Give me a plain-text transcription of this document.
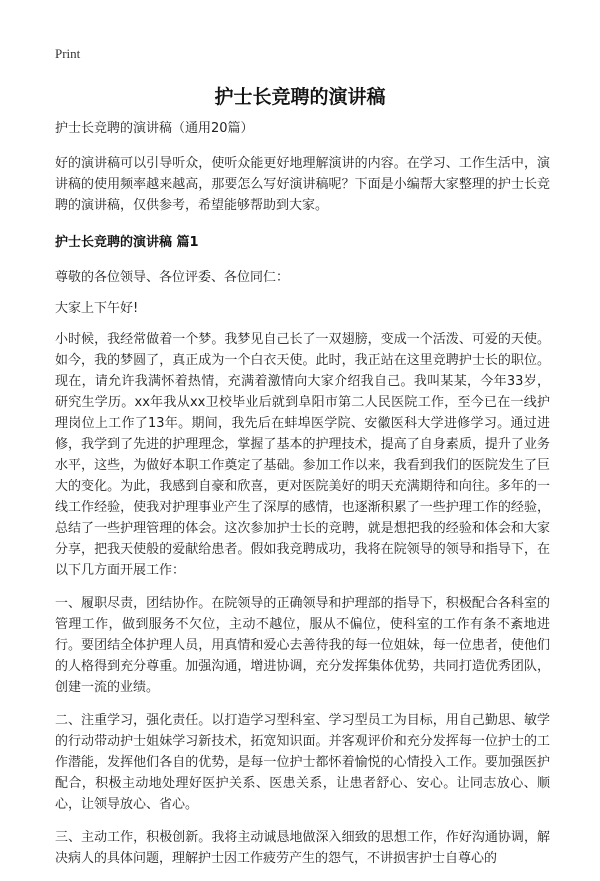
Print
护士长竞聘的演讲稿

护士长竞聘的演讲稿（通用20篇）

好的演讲稿可以引导听众，使听众能更好地理解演讲的内容。在学习、工作生活中，演讲稿的使用频率越来越高，那要怎么写好演讲稿呢？下面是小编帮大家整理的护士长竞聘的演讲稿，仅供参考，希望能够帮助到大家。

护士长竞聘的演讲稿 篇1

尊敬的各位领导、各位评委、各位同仁：

大家上下午好!

小时候，我经常做着一个梦。我梦见自己长了一双翅膀，变成一个活泼、可爱的天使。如今，我的梦圆了，真正成为一个白衣天使。此时，我正站在这里竞聘护士长的职位。现在，请允许我满怀着热情，充满着激情向大家介绍我自己。我叫某某，今年33岁，研究生学历。xx年我从xx卫校毕业后就到阜阳市第二人民医院工作，至今已在一线护理岗位上工作了13年。期间，我先后在蚌埠医学院、安徽医科大学进修学习。通过进修，我学到了先进的护理理念，掌握了基本的护理技术，提高了自身素质，提升了业务水平，这些，为做好本职工作奠定了基础。参加工作以来，我看到我们的医院发生了巨大的变化。为此，我感到自豪和欣喜，更对医院美好的明天充满期待和向往。多年的一线工作经验，使我对护理事业产生了深厚的感情，也逐渐积累了一些护理工作的经验，总结了一些护理管理的体会。这次参加护士长的竞聘，就是想把我的经验和体会和大家分享，把我天使般的爱献给患者。假如我竞聘成功，我将在院领导的领导和指导下，在以下几方面开展工作：

一、履职尽责，团结协作。在院领导的正确领导和护理部的指导下，积极配合各科室的管理工作，做到服务不欠位，主动不越位，服从不偏位，使科室的工作有条不紊地进行。要团结全体护理人员，用真情和爱心去善待我的每一位姐妹，每一位患者，使他们的人格得到充分尊重。加强沟通，增进协调，充分发挥集体优势，共同打造优秀团队，创建一流的业绩。

二、注重学习，强化责任。以打造学习型科室、学习型员工为目标，用自己勤思、敏学的行动带动护士姐妹学习新技术，拓宽知识面。并客观评价和充分发挥每一位护士的工作潜能，发挥他们各自的优势，是每一位护士都怀着愉悦的心情投入工作。要加强医护配合，积极主动地处理好医护关系、医患关系，让患者舒心、安心。让同志放心、顺心，让领导放心、省心。

三、主动工作，积极创新。我将主动诚恳地做深入细致的思想工作，作好沟通协调，解决病人的具体问题，理解护士因工作疲劳产生的怨气，不讲损害护士自尊心的
